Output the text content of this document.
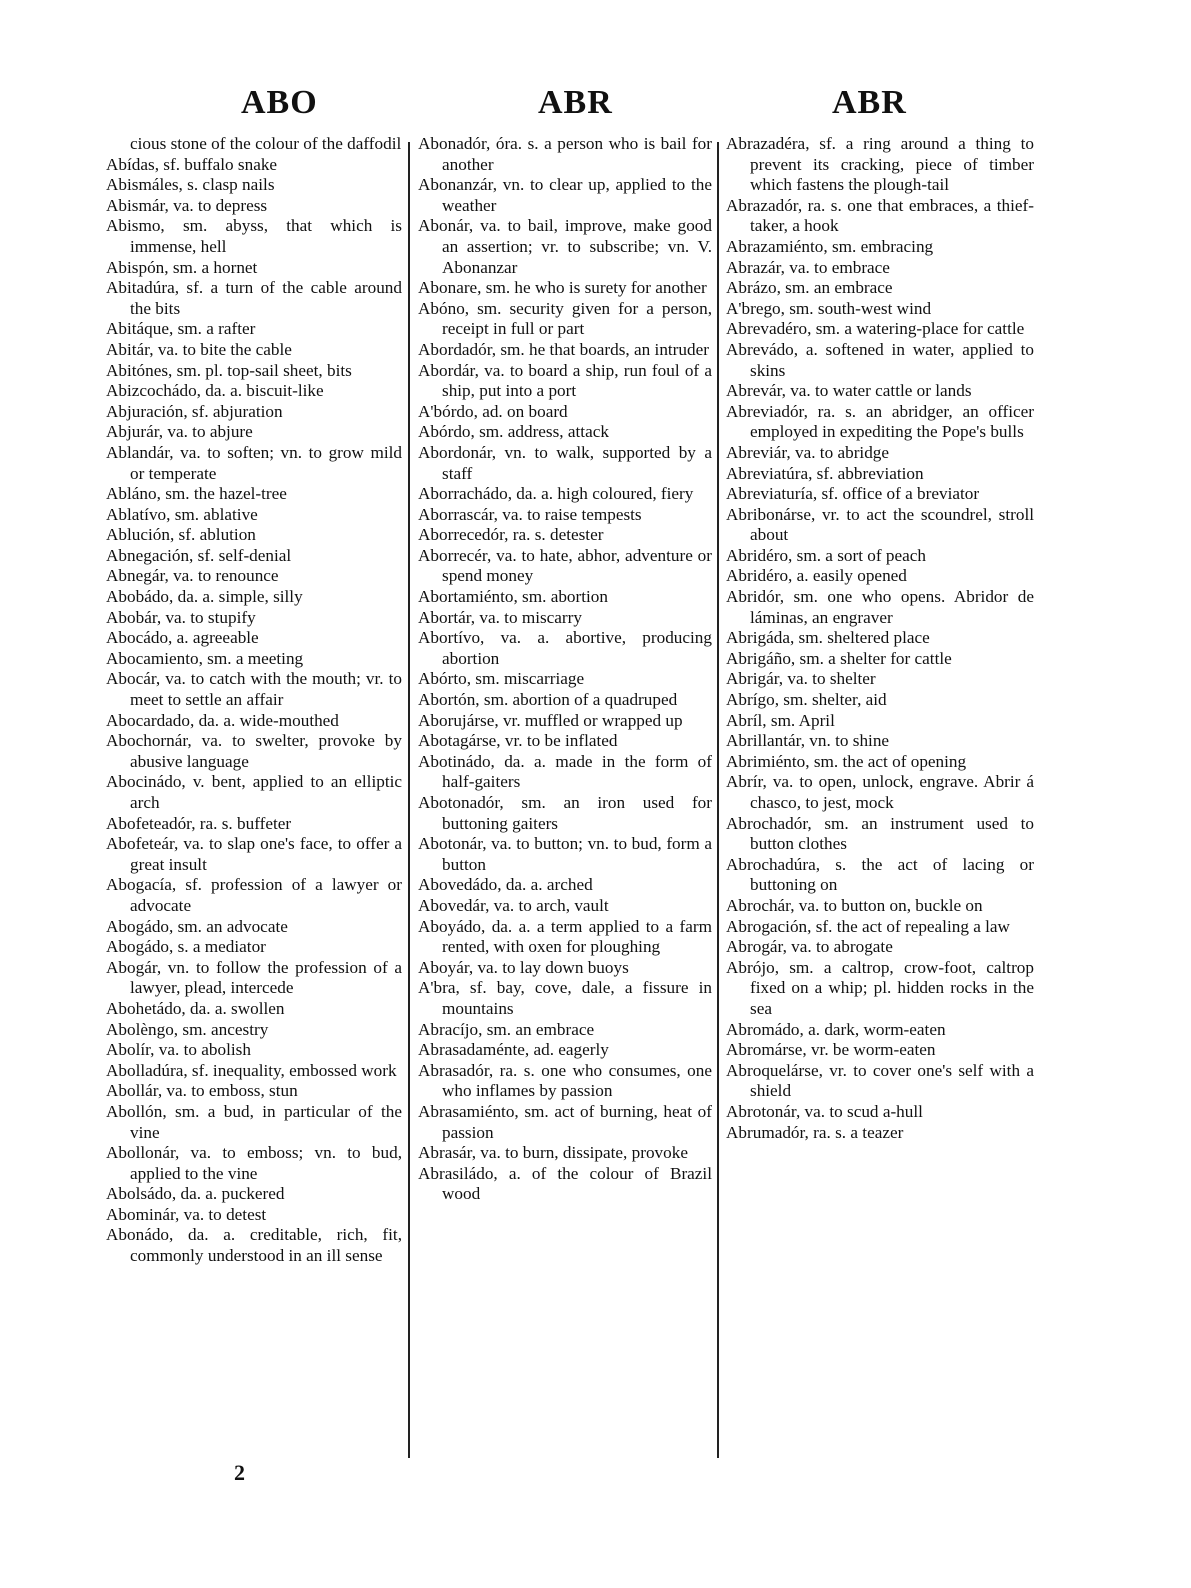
ABO	ABR	ABR

cious stone of the colour of the daffodil

Abídas, sf. buffalo snake

Abismáles, s. clasp nails

Abismár, va. to depress

Abismo, sm. abyss, that which is immense, hell

Abispón, sm. a hornet

Abitadúra, sf. a turn of the cable around the bits

Abitáque, sm. a rafter

Abitár, va. to bite the cable

Abitónes, sm. pl. top-sail sheet, bits

Abizcochádo, da. a. biscuit-like

Abjuración, sf. abjuration

Abjurár, va. to abjure

Ablandár, va. to soften; vn. to grow mild or temperate

Abláno, sm. the hazel-tree

Ablatívo, sm. ablative

Ablución, sf. ablution

Abnegación, sf. self-denial

Abnegár, va. to renounce

Abobádo, da. a. simple, silly

Abobár, va. to stupify

Abocádo, a. agreeable

Abocamiento, sm. a meeting

Abocár, va. to catch with the mouth; vr. to meet to settle an affair

Abocardado, da. a. wide-mouthed

Abochornár, va. to swelter, provoke by abusive language

Abocinádo, v. bent, applied to an elliptic arch

Abofeteadór, ra. s. buffeter

Abofeteár, va. to slap one's face, to offer a great insult

Abogacía, sf. profession of a lawyer or advocate

Abogádo, sm. an advocate

Abogádo, s. a mediator

Abogár, vn. to follow the profession of a lawyer, plead, intercede

Abohetádo, da. a. swollen

Abolèngo, sm. ancestry

Abolír, va. to abolish

Abolladúra, sf. inequality, embossed work

Abollár, va. to emboss, stun

Abollón, sm. a bud, in particular of the vine

Abollonár, va. to emboss; vn. to bud, applied to the vine

Abolsádo, da. a. puckered

Abominár, va. to detest

Abonádo, da. a. creditable, rich, fit, commonly understood in an ill sense

Abonadór, óra. s. a person who is bail for another

Abonanzár, vn. to clear up, applied to the weather

Abonár, va. to bail, improve, make good an assertion; vr. to subscribe; vn. V. Abonanzar

Abonare, sm. he who is surety for another

Abóno, sm. security given for a person, receipt in full or part

Abordadór, sm. he that boards, an intruder

Abordár, va. to board a ship, run foul of a ship, put into a port

A'bórdo, ad. on board

Abórdo, sm. address, attack

Abordonár, vn. to walk, supported by a staff

Aborrachádo, da. a. high coloured, fiery

Aborrascár, va. to raise tempests

Aborrecedór, ra. s. detester

Aborrecér, va. to hate, abhor, adventure or spend money

Abortamiénto, sm. abortion

Abortár, va. to miscarry

Abortívo, va. a. abortive, producing abortion

Abórto, sm. miscarriage

Abortón, sm. abortion of a quadruped

Aborujárse, vr. muffled or wrapped up

Abotagárse, vr. to be inflated

Abotinádo, da. a. made in the form of half-gaiters

Abotonadór, sm. an iron used for buttoning gaiters

Abotonár, va. to button; vn. to bud, form a button

Abovedádo, da. a. arched

Abovedár, va. to arch, vault

Aboyádo, da. a. a term applied to a farm rented, with oxen for ploughing

Aboyár, va. to lay down buoys

A'bra, sf. bay, cove, dale, a fissure in mountains

Abracíjo, sm. an embrace

Abrasadaménte, ad. eagerly

Abrasadór, ra. s. one who consumes, one who inflames by passion

Abrasamiénto, sm. act of burning, heat of passion

Abrasár, va. to burn, dissipate, provoke

Abrasiládo, a. of the colour of Brazil wood

Abrazadéra, sf. a ring around a thing to prevent its cracking, piece of timber which fastens the plough-tail

Abrazadór, ra. s. one that embraces, a thief-taker, a hook

Abrazamiénto, sm. embracing

Abrazár, va. to embrace

Abrázo, sm. an embrace

A'brego, sm. south-west wind

Abrevadéro, sm. a watering-place for cattle

Abrevádo, a. softened in water, applied to skins

Abrevár, va. to water cattle or lands

Abreviadór, ra. s. an abridger, an officer employed in expediting the Pope's bulls

Abreviár, va. to abridge

Abreviatúra, sf. abbreviation

Abreviaturía, sf. office of a breviator

Abribonárse, vr. to act the scoundrel, stroll about

Abridéro, sm. a sort of peach

Abridéro, a. easily opened

Abridór, sm. one who opens. Abridor de láminas, an engraver

Abrigáda, sm. sheltered place

Abrigáño, sm. a shelter for cattle

Abrigár, va. to shelter

Abrígo, sm. shelter, aid

Abríl, sm. April

Abrillantár, vn. to shine

Abrimiénto, sm. the act of opening

Abrír, va. to open, unlock, engrave. Abrir á chasco, to jest, mock

Abrochadór, sm. an instrument used to button clothes

Abrochadúra, s. the act of lacing or buttoning on

Abrochár, va. to button on, buckle on

Abrogación, sf. the act of repealing a law

Abrogár, va. to abrogate

Abrójo, sm. a caltrop, crow-foot, caltrop fixed on a whip; pl. hidden rocks in the sea

Abromádo, a. dark, worm-eaten

Abromárse, vr. be worm-eaten

Abroquelárse, vr. to cover one's self with a shield

Abrotonár, va. to scud a-hull

Abrumadór, ra. s. a teazer

2
